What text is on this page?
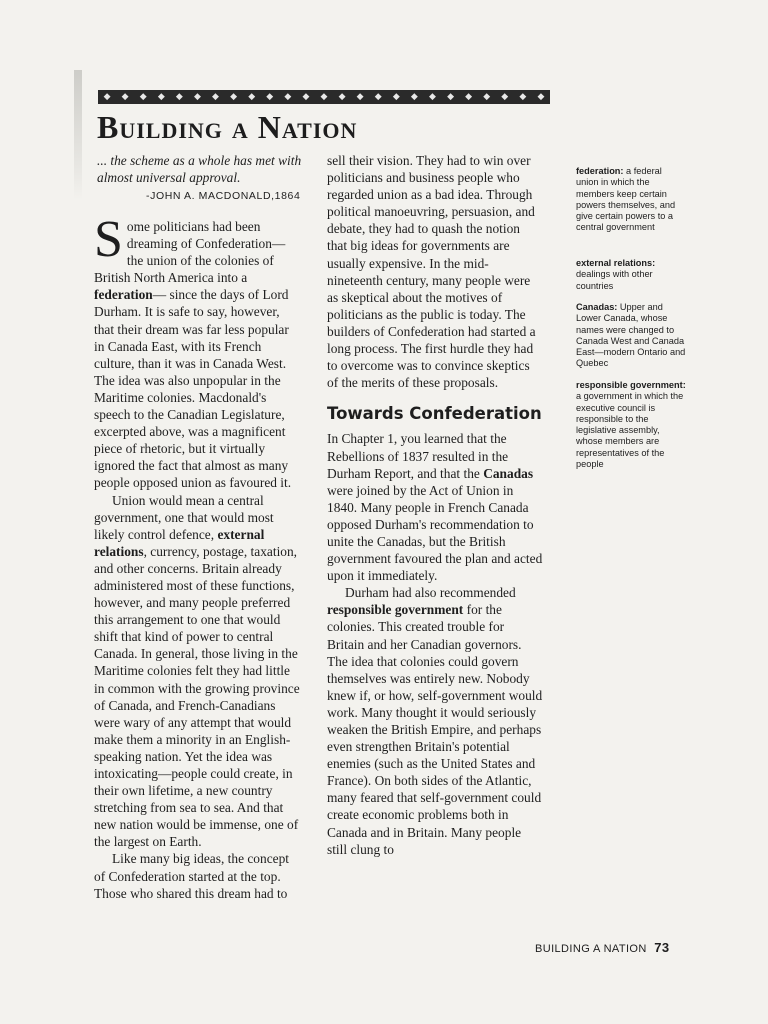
◆ ◆ ◆ ◆ ◆ ◆ ◆ ◆ ◆ ◆ ◆ ◆ ◆ ◆ ◆ ◆ ◆ ◆ ◆ ◆ ◆ ◆ ◆ ◆ ◆
Building a Nation

... the scheme as a whole has met with almost universal approval.

-JOHN A. MACDONALD,1864

Some politicians had been dreaming of Confederation—the union of the colonies of British North America into a federation— since the days of Lord Durham. It is safe to say, however, that their dream was far less popular in Canada East, with its French culture, than it was in Canada West. The idea was also unpopular in the Maritime colonies. Macdonald's speech to the Canadian Legislature, excerpted above, was a magnificent piece of rhetoric, but it virtually ignored the fact that almost as many people opposed union as favoured it.

Union would mean a central government, one that would most likely control defence, external relations, currency, postage, taxation, and other concerns. Britain already administered most of these functions, however, and many people preferred this arrangement to one that would shift that kind of power to central Canada. In general, those living in the Maritime colonies felt they had little in common with the growing province of Canada, and French-Canadians were wary of any attempt that would make them a minority in an English-speaking nation. Yet the idea was intoxicating—people could create, in their own lifetime, a new country stretching from sea to sea. And that new nation would be immense, one of the largest on Earth.

Like many big ideas, the concept of Confederation started at the top. Those who shared this dream had to

sell their vision. They had to win over politicians and business people who regarded union as a bad idea. Through political manoeuvring, persuasion, and debate, they had to quash the notion that big ideas for governments are usually expensive. In the mid-nineteenth century, many people were as skeptical about the motives of politicians as the public is today. The builders of Confederation had started a long process. The first hurdle they had to overcome was to convince skeptics of the merits of these proposals.

Towards Confederation

In Chapter 1, you learned that the Rebellions of 1837 resulted in the Durham Report, and that the Canadas were joined by the Act of Union in 1840. Many people in French Canada opposed Durham's recommendation to unite the Canadas, but the British government favoured the plan and acted upon it immediately.

Durham had also recommended responsible government for the colonies. This created trouble for Britain and her Canadian governors. The idea that colonies could govern themselves was entirely new. Nobody knew if, or how, self-government would work. Many thought it would seriously weaken the British Empire, and perhaps even strengthen Britain's potential enemies (such as the United States and France). On both sides of the Atlantic, many feared that self-government could create economic problems both in Canada and in Britain. Many people still clung to

federation: a federal union in which the members keep certain powers themselves, and give certain powers to a central government
external relations: dealings with other countries
Canadas: Upper and Lower Canada, whose names were changed to Canada West and Canada East—modern Ontario and Quebec
responsible government: a government in which the executive council is responsible to the legislative assembly, whose members are representatives of the people
BUILDING A NATION 73
